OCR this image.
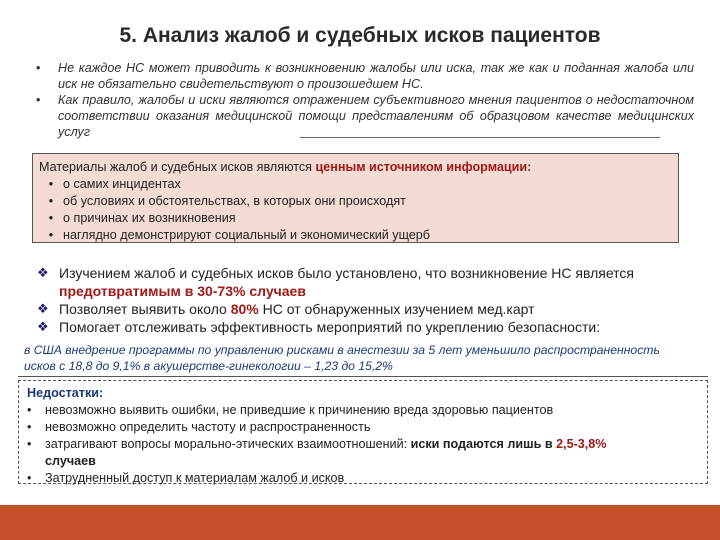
5. Анализ жалоб и судебных исков пациентов
•	Не каждое НС может приводить к возникновению жалобы или иска, так же как и поданная жалоба или иск не обязательно свидетельствуют о произошедшем НС.
•	Как правило, жалобы и иски являются отражением субъективного мнения пациентов о недостаточном соответствии оказания медицинской помощи представлениям об образцовом качестве медицинских услуг
Материалы жалоб и судебных исков являются ценным источником информации:
• о самих инцидентах
• об условиях и обстоятельствах, в которых они происходят
• о причинах их возникновения
• наглядно демонстрируют социальный и экономический ущерб
❖ Изучением жалоб и судебных исков было установлено, что возникновение НС является предотвратимым в 30-73% случаев
❖ Позволяет выявить около 80% НС от обнаруженных изучением мед.карт
❖ Помогает отслеживать эффективность мероприятий по укреплению безопасности:
в США внедрение программы по управлению рисками в анестезии за 5 лет уменьшило распространенность исков с 18,8 до 9,1% в акушерстве-гинекологии – 1,23 до 15,2%
Недостатки:
•	невозможно выявить ошибки, не приведшие к причинению вреда здоровью пациентов
•	невозможно определить частоту и распространенность
•	затрагивают вопросы морально-этических взаимоотношений: иски подаются лишь в 2,5-3,8%
случаев
•	Затрудненный доступ к материалам жалоб и исков
